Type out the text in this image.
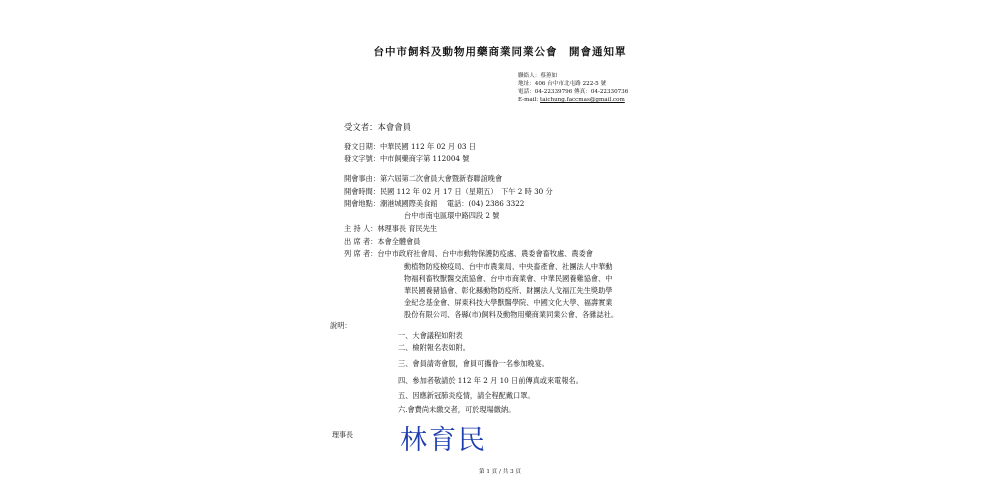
台中市飼料及動物用藥商業同業公會　開會通知單
聯絡人：蔡蕙如
地址：406 台中市北屯路 222-5 號
電話：04-22339796 傳真：04-22330736
E-mail: taichung.faccmas@gmail.com
受文者：本會會員
發文日期：中華民國 112 年 02 月 03 日
發文字號：中市飼藥商字第 112004 號
開會事由：第六屆第二次會員大會暨新春聯誼晚會
開會時間：民國 112 年 02 月 17 日（星期五）　下午 2 時 30 分
開會地點：潮港城國際美食館　 電話：(04) 2386 3322
台中市南屯區環中路四段 2 號
主 持 人：林理事長 育民先生
出 席 者：本會全體會員
列 席 者：台中市政府社會局、台中市動物保護防疫處、農委會畜牧處、農委會
動植物防疫檢疫局、台中市農業局、中央畜產會、社團法人中華動
物福利畜牧獸醫交流協會、台中市商業會、中華民國養雞協會、中
華民國養豬協會、彰化縣動物防疫所、財團法人戈福江先生獎助學
金紀念基金會、屏東科技大學獸醫學院、中國文化大學、福壽實業
股份有限公司、各縣(市)飼料及動物用藥商業同業公會、各雜誌社。
說明：
一、大會議程如附表
二、檢附報名表如附。
三、會員請寄會服，會員可攜眷一名參加晚宴。
四、參加者敬請於 112 年 2 月 10 日前傳真或來電報名。
五、因應新冠肺炎疫情，請全程配戴口罩。
六.會費尚未繳交者，可於現場繳納。
理事長 林育民
第 1 頁 / 共 3 頁
